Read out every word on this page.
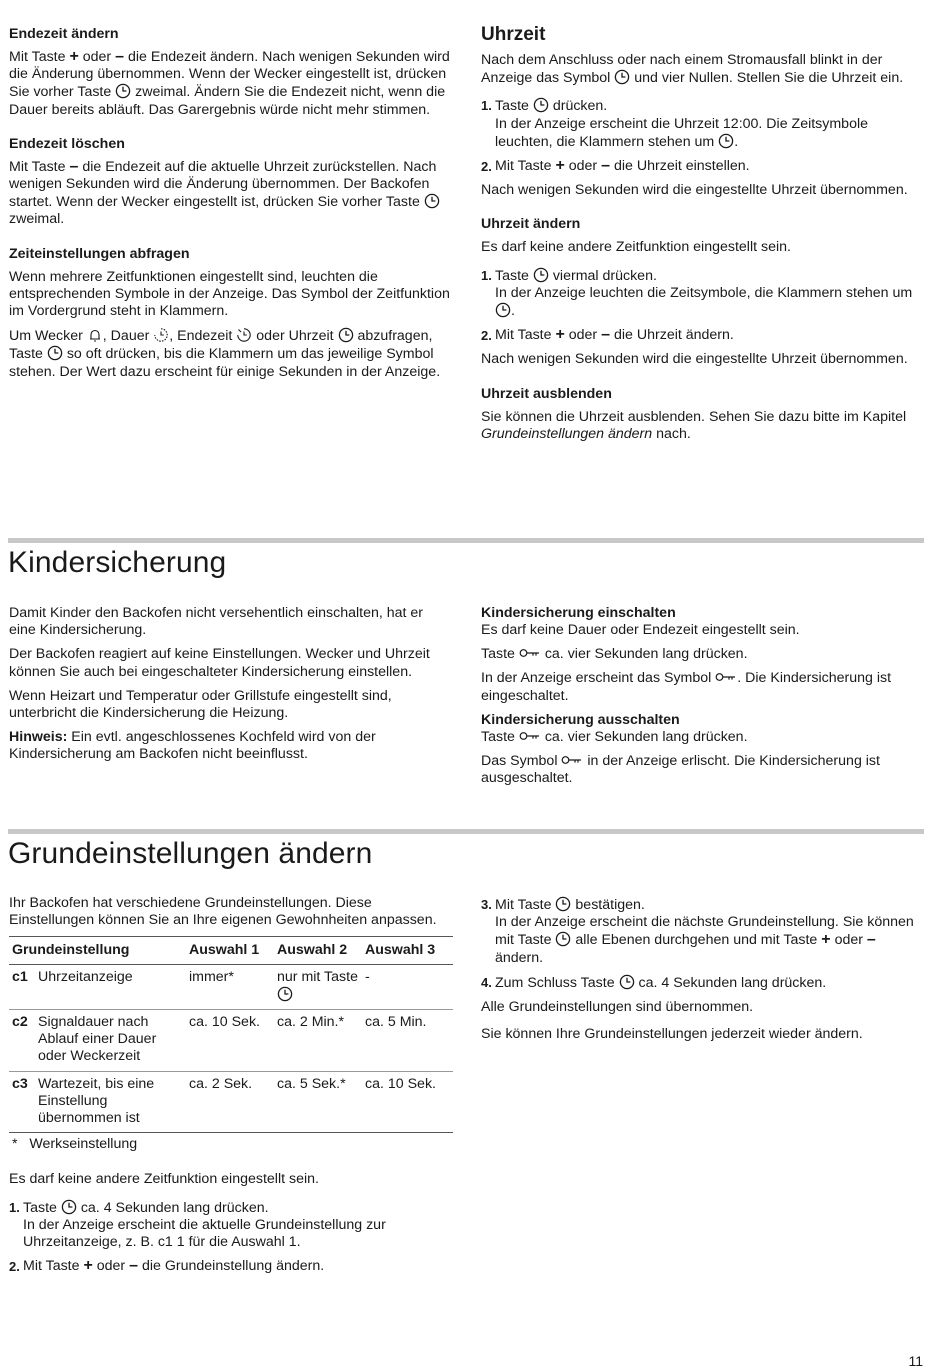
Endezeit ändern

Mit Taste + oder – die Endezeit ändern. Nach wenigen Sekunden wird die Änderung übernommen. Wenn der Wecker eingestellt ist, drücken Sie vorher Taste zweimal. Ändern Sie die Endezeit nicht, wenn die Dauer bereits abläuft. Das Garergebnis würde nicht mehr stimmen.

Endezeit löschen

Mit Taste – die Endezeit auf die aktuelle Uhrzeit zurückstellen. Nach wenigen Sekunden wird die Änderung übernommen. Der Backofen startet. Wenn der Wecker eingestellt ist, drücken Sie vorher Taste  zweimal.

Zeiteinstellungen abfragen

Wenn mehrere Zeitfunktionen eingestellt sind, leuchten die entsprechenden Symbole in der Anzeige. Das Symbol der Zeitfunktion im Vordergrund steht in Klammern.

Um Wecker , Dauer , Endezeit oder Uhrzeit abzufragen, Taste so oft drücken, bis die Klammern um das jeweilige Symbol stehen. Der Wert dazu erscheint für einige Sekunden in der Anzeige.

Uhrzeit

Nach dem Anschluss oder nach einem Stromausfall blinkt in der Anzeige das Symbol und vier Nullen. Stellen Sie die Uhrzeit ein.

1. Taste drücken.
In der Anzeige erscheint die Uhrzeit 12:00. Die Zeitsymbole leuchten, die Klammern stehen um .
2. Mit Taste + oder – die Uhrzeit einstellen.

Nach wenigen Sekunden wird die eingestellte Uhrzeit übernommen.

Uhrzeit ändern

Es darf keine andere Zeitfunktion eingestellt sein.

1. Taste viermal drücken.
In der Anzeige leuchten die Zeitsymbole, die Klammern stehen um .
2. Mit Taste + oder – die Uhrzeit ändern.

Nach wenigen Sekunden wird die eingestellte Uhrzeit übernommen.

Uhrzeit ausblenden

Sie können die Uhrzeit ausblenden. Sehen Sie dazu bitte im Kapitel Grundeinstellungen ändern nach.

Kindersicherung

Damit Kinder den Backofen nicht versehentlich einschalten, hat er eine Kindersicherung.

Der Backofen reagiert auf keine Einstellungen. Wecker und Uhrzeit können Sie auch bei eingeschalteter Kindersicherung einstellen.

Wenn Heizart und Temperatur oder Grillstufe eingestellt sind, unterbricht die Kindersicherung die Heizung.

Hinweis: Ein evtl. angeschlossenes Kochfeld wird von der Kindersicherung am Backofen nicht beeinflusst.

Kindersicherung einschalten

Es darf keine Dauer oder Endezeit eingestellt sein.

Taste ca. vier Sekunden lang drücken.

In der Anzeige erscheint das Symbol . Die Kindersicherung ist eingeschaltet.

Kindersicherung ausschalten

Taste ca. vier Sekunden lang drücken.

Das Symbol in der Anzeige erlischt. Die Kindersicherung ist ausgeschaltet.

Grundeinstellungen ändern

Ihr Backofen hat verschiedene Grundeinstellungen. Diese Einstellungen können Sie an Ihre eigenen Gewohnheiten anpassen.

Grundeinstellung		Auswahl 1	Auswahl 2	Auswahl 3
c1	Uhrzeitanzeige	immer*	nur mit Taste	-
c2	Signaldauer nach Ablauf einer Dauer oder Weckerzeit	ca. 10 Sek.	ca. 2 Min.*	ca. 5 Min.
c3	Wartezeit, bis eine Einstellung übernommen ist	ca. 2 Sek.	ca. 5 Sek.*	ca. 10 Sek.
* Werkseinstellung

Es darf keine andere Zeitfunktion eingestellt sein.

1. Taste ca. 4 Sekunden lang drücken.
In der Anzeige erscheint die aktuelle Grundeinstellung zur Uhrzeitanzeige, z. B. c1 1 für die Auswahl 1.
2. Mit Taste + oder – die Grundeinstellung ändern.
3. Mit Taste bestätigen.
In der Anzeige erscheint die nächste Grundeinstellung. Sie können mit Taste alle Ebenen durchgehen und mit Taste + oder – ändern.
4. Zum Schluss Taste ca. 4 Sekunden lang drücken.

Alle Grundeinstellungen sind übernommen.

Sie können Ihre Grundeinstellungen jederzeit wieder ändern.

11
